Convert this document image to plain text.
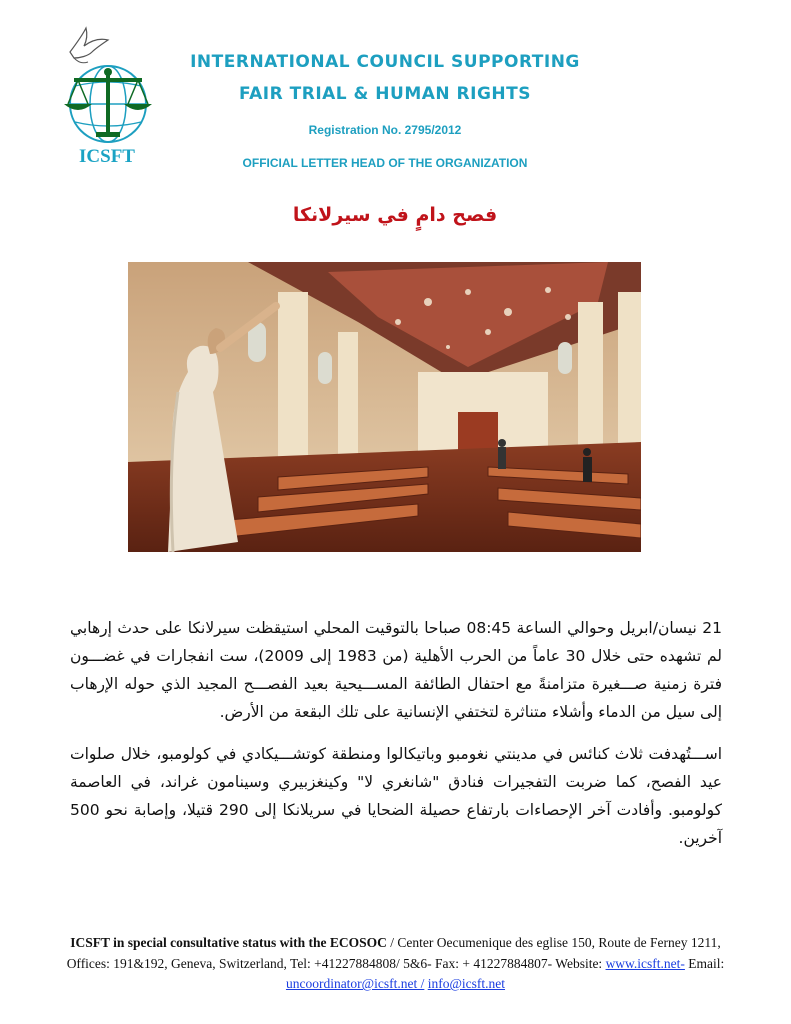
ICSFT
INTERNATIONAL COUNCIL SUPPORTING
FAIR TRIAL & HUMAN RIGHTS
Registration No. 2795/2012
OFFICIAL LETTER HEAD OF THE ORGANIZATION
فصح دامٍ في سيرلانكا

21 نيسان/ابريل وحوالي الساعة 08:45 صباحا بالتوقيت المحلي استيقظت سيرلانكا على حدث إرهابي لم تشهده حتى خلال 30 عاماً من الحرب الأهلية (من 1983 إلى 2009)، ست انفجارات في غضـــون فترة زمنية صـــغيرة متزامنةً مع احتفال الطائفة المســـيحية بعيد الفصـــح المجيد الذي حوله الإرهاب إلى سيل من الدماء وأشلاء متناثرة لتختفي الإنسانية على تلك البقعة من الأرض.

اســـتُهدفت ثلاث كنائس في مدينتي نغومبو وباتيكالوا ومنطقة كوتشـــيكادي في كولومبو، خلال صلوات عيد الفصح، كما ضربت التفجيرات فنادق "شانغري لا" وكينغزبيري وسينامون غراند، في العاصمة كولومبو. وأفادت آخر الإحصاءات بارتفاع حصيلة الضحايا في سريلانكا إلى 290 قتيلا، وإصابة نحو 500 آخرين.

ICSFT in special consultative status with the ECOSOC / Center Oecumenique des eglise 150, Route de Ferney 1211, Offices: 191&192, Geneva, Switzerland, Tel: +41227884808/ 5&6- Fax: + 41227884807- Website: www.icsft.net- Email: uncoordinator@icsft.net / info@icsft.net
